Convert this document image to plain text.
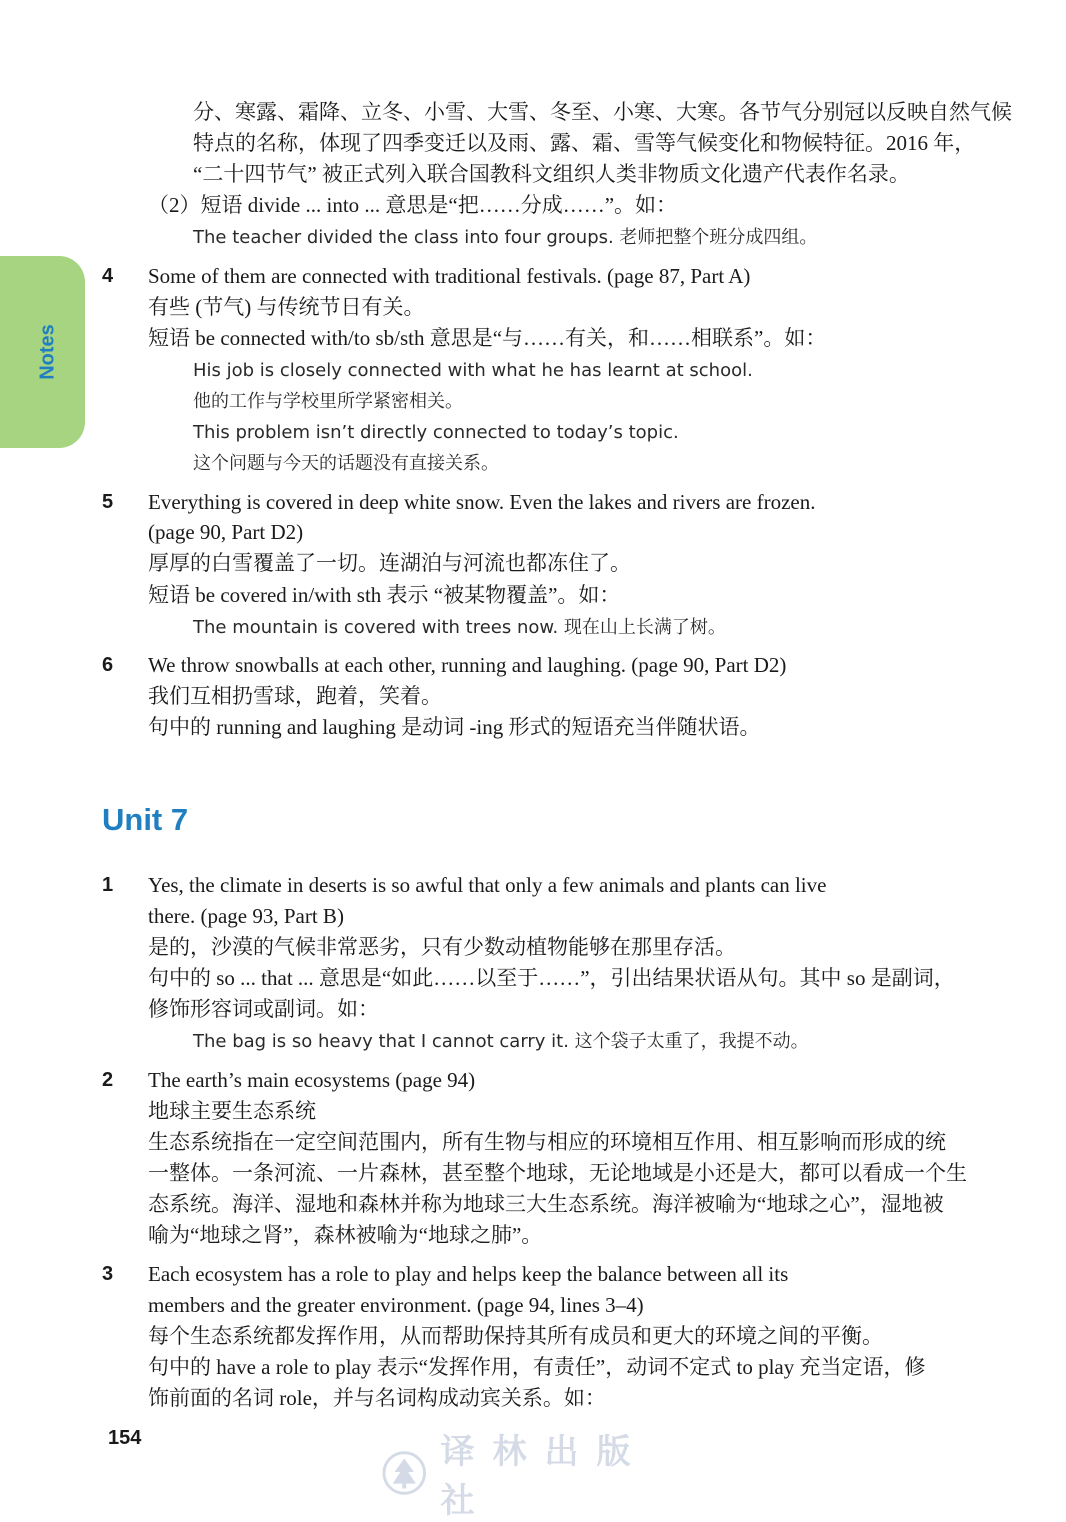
Notes
分、寒露、霜降、立冬、小雪、大雪、冬至、小寒、大寒。各节气分别冠以反映自然气候
特点的名称，体现了四季变迁以及雨、露、霜、雪等气候变化和物候特征。2016 年，
“二十四节气” 被正式列入联合国教科文组织人类非物质文化遗产代表作名录。
（2）短语 divide ... into ... 意思是“把……分成……”。如：
The teacher divided the class into four groups. 老师把整个班分成四组。
4 Some of them are connected with traditional festivals. (page 87, Part A)
有些 (节气) 与传统节日有关。
短语 be connected with/to sb/sth 意思是“与……有关，和……相联系”。如：
His job is closely connected with what he has learnt at school.
他的工作与学校里所学紧密相关。
This problem isn’t directly connected to today’s topic.
这个问题与今天的话题没有直接关系。
5 Everything is covered in deep white snow. Even the lakes and rivers are frozen.
(page 90, Part D2)
厚厚的白雪覆盖了一切。连湖泊与河流也都冻住了。
短语 be covered in/with sth 表示 “被某物覆盖”。如：
The mountain is covered with trees now. 现在山上长满了树。
6 We throw snowballs at each other, running and laughing. (page 90, Part D2)
我们互相扔雪球，跑着，笑着。
句中的 running and laughing 是动词 -ing 形式的短语充当伴随状语。
1 Yes, the climate in deserts is so awful that only a few animals and plants can live
there. (page 93, Part B)
是的，沙漠的气候非常恶劣，只有少数动植物能够在那里存活。
句中的 so ... that ... 意思是“如此……以至于……”，引出结果状语从句。其中 so 是副词，
修饰形容词或副词。如：
The bag is so heavy that I cannot carry it. 这个袋子太重了，我提不动。
2 The earth’s main ecosystems (page 94)
地球主要生态系统
生态系统指在一定空间范围内，所有生物与相应的环境相互作用、相互影响而形成的统
一整体。一条河流、一片森林，甚至整个地球，无论地域是小还是大，都可以看成一个生
态系统。海洋、湿地和森林并称为地球三大生态系统。海洋被喻为“地球之心”，湿地被
喻为“地球之肾”，森林被喻为“地球之肺”。
3 Each ecosystem has a role to play and helps keep the balance between all its
members and the greater environment. (page 94, lines 3–4)
每个生态系统都发挥作用，从而帮助保持其所有成员和更大的环境之间的平衡。
句中的 have a role to play 表示“发挥作用，有责任”，动词不定式 to play 充当定语，修
饰前面的名词 role，并与名词构成动宾关系。如：
Unit 7
154	译林出版社
